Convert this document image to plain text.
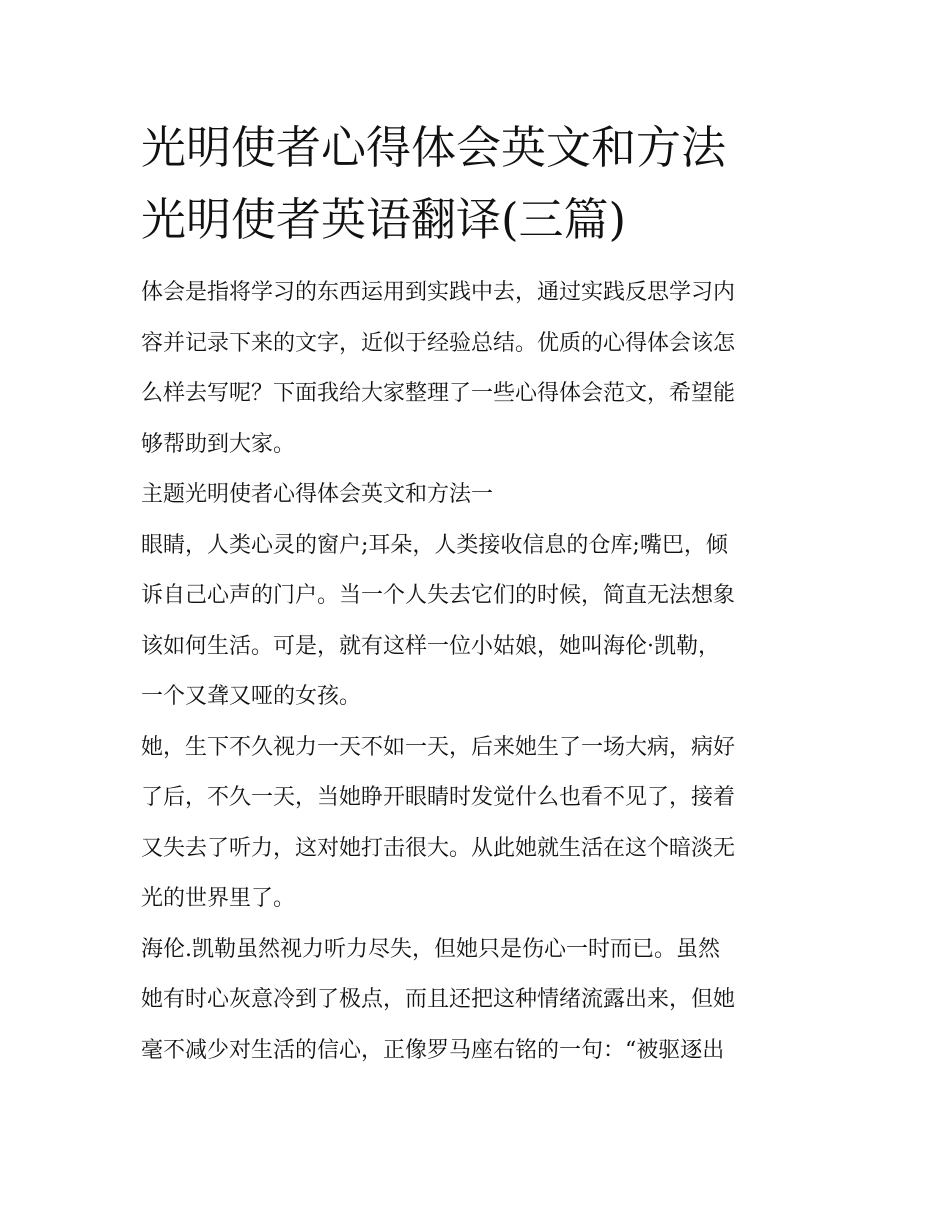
光明使者心得体会英文和方法
光明使者英语翻译(三篇)

体会是指将学习的东西运用到实践中去，通过实践反思学习内
容并记录下来的文字，近似于经验总结。优质的心得体会该怎
么样去写呢？下面我给大家整理了一些心得体会范文，希望能
够帮助到大家。

主题光明使者心得体会英文和方法一

眼睛，人类心灵的窗户;耳朵，人类接收信息的仓库;嘴巴，倾
诉自己心声的门户。当一个人失去它们的时候，简直无法想象
该如何生活。可是，就有这样一位小姑娘，她叫海伦·凯勒，
一个又聋又哑的女孩。

她，生下不久视力一天不如一天，后来她生了一场大病，病好
了后，不久一天，当她睁开眼睛时发觉什么也看不见了，接着
又失去了听力，这对她打击很大。从此她就生活在这个暗淡无
光的世界里了。

海伦.凯勒虽然视力听力尽失，但她只是伤心一时而已。虽然
她有时心灰意冷到了极点，而且还把这种情绪流露出来，但她
毫不减少对生活的信心，正像罗马座右铭的一句：“被驱逐出
